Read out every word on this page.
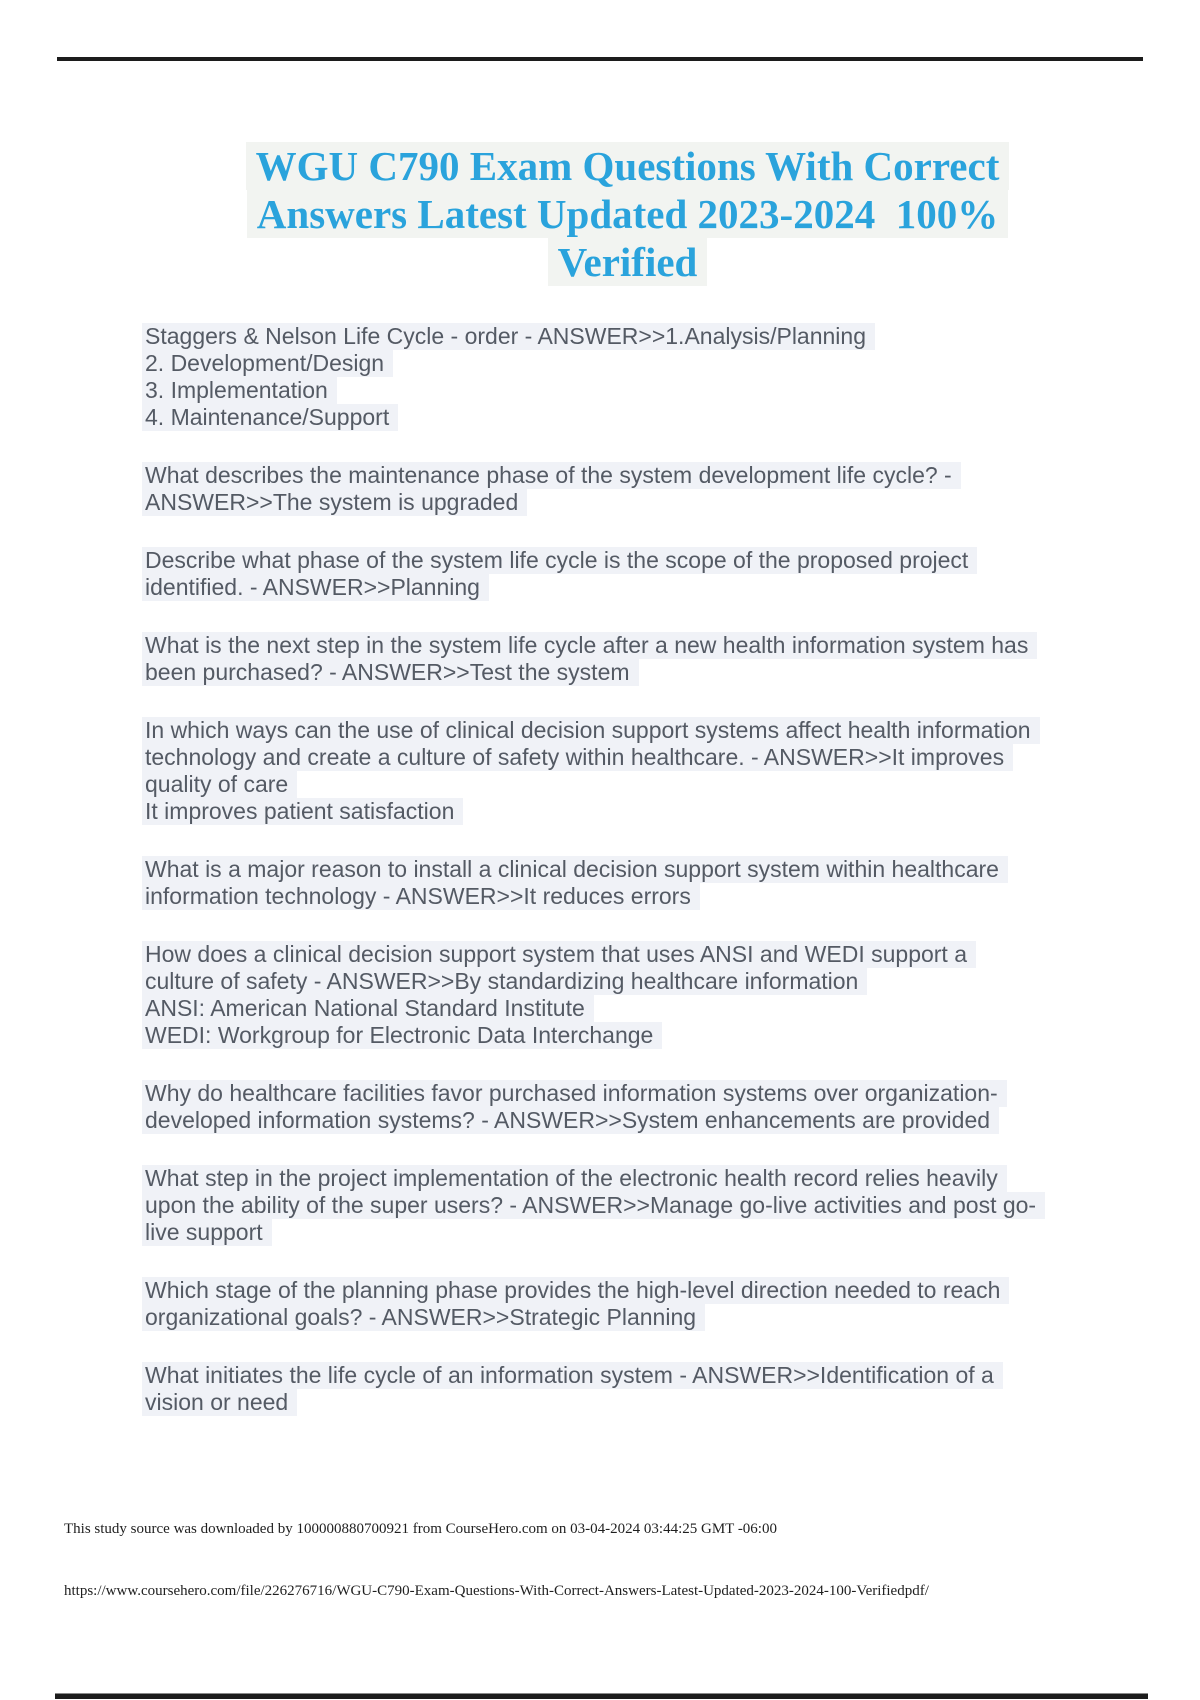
WGU C790 Exam Questions With Correct
Answers Latest Updated 2023-2024  100%
Verified
Staggers & Nelson Life Cycle - order - ANSWER>>1.Analysis/Planning
2. Development/Design
3. Implementation
4. Maintenance/Support
What describes the maintenance phase of the system development life cycle? -
ANSWER>>The system is upgraded
Describe what phase of the system life cycle is the scope of the proposed project
identified. - ANSWER>>Planning
What is the next step in the system life cycle after a new health information system has
been purchased? - ANSWER>>Test the system
In which ways can the use of clinical decision support systems affect health information
technology and create a culture of safety within healthcare. - ANSWER>>It improves
quality of care
It improves patient satisfaction
What is a major reason to install a clinical decision support system within healthcare
information technology - ANSWER>>It reduces errors
How does a clinical decision support system that uses ANSI and WEDI support a
culture of safety - ANSWER>>By standardizing healthcare information
ANSI: American National Standard Institute
WEDI: Workgroup for Electronic Data Interchange
Why do healthcare facilities favor purchased information systems over organization-
developed information systems? - ANSWER>>System enhancements are provided
What step in the project implementation of the electronic health record relies heavily
upon the ability of the super users? - ANSWER>>Manage go-live activities and post go-
live support
Which stage of the planning phase provides the high-level direction needed to reach
organizational goals? - ANSWER>>Strategic Planning
What initiates the life cycle of an information system - ANSWER>>Identification of a
vision or need
This study source was downloaded by 100000880700921 from CourseHero.com on 03-04-2024 03:44:25 GMT -06:00
https://www.coursehero.com/file/226276716/WGU-C790-Exam-Questions-With-Correct-Answers-Latest-Updated-2023-2024-100-Verifiedpdf/
